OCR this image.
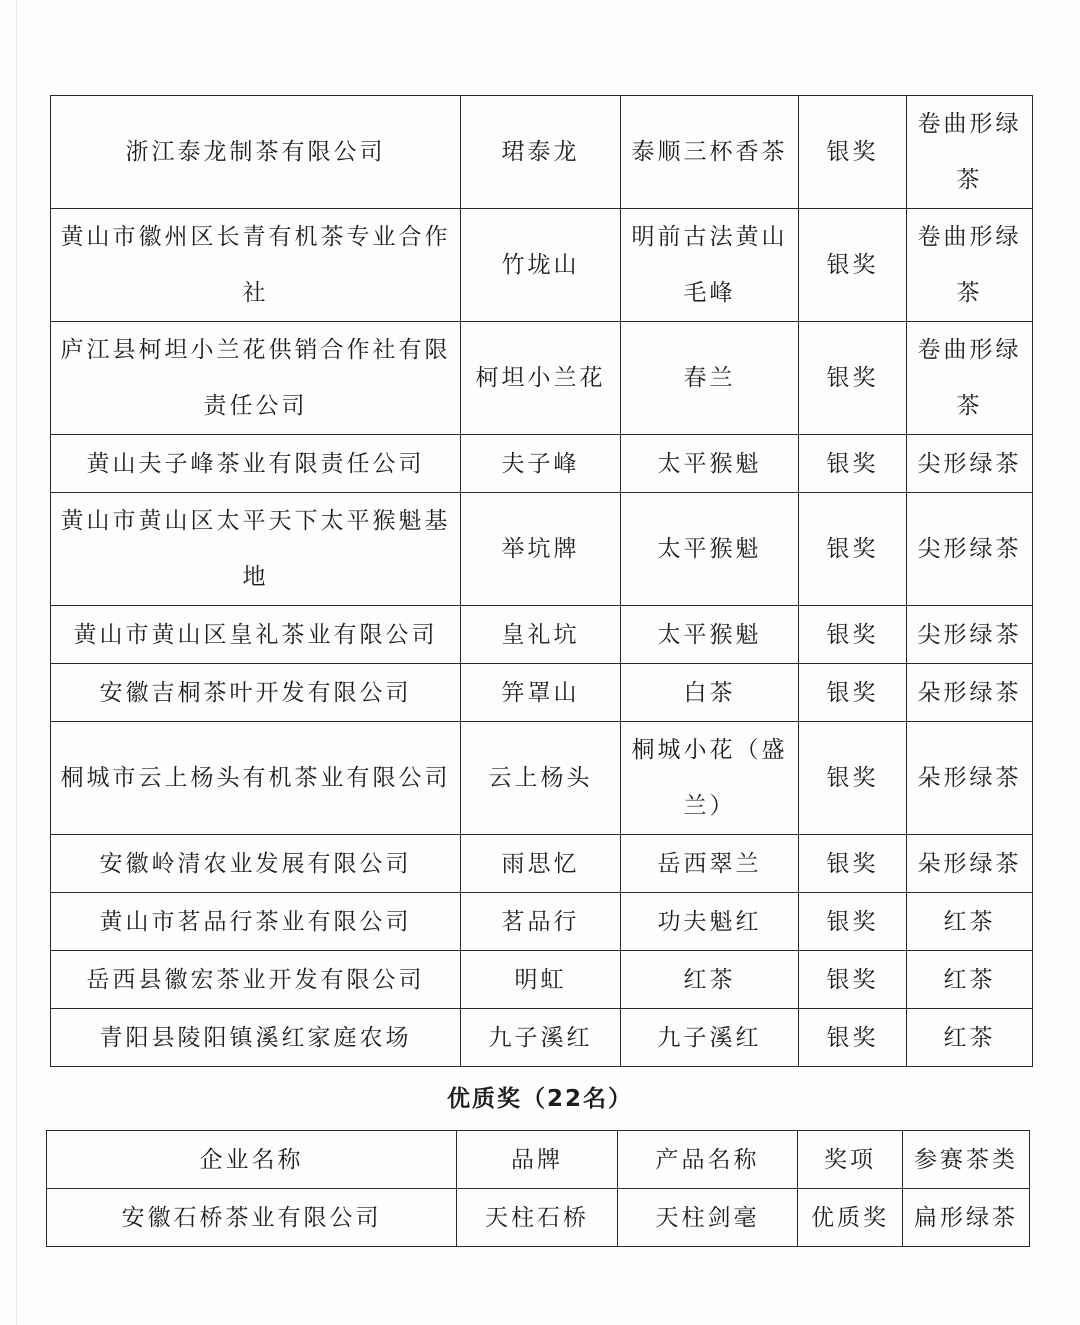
浙江泰龙制茶有限公司	珺泰龙	泰顺三杯香茶	银奖	卷曲形绿茶
黄山市徽州区长青有机茶专业合作社	竹垅山	明前古法黄山毛峰	银奖	卷曲形绿茶
庐江县柯坦小兰花供销合作社有限责任公司	柯坦小兰花	春兰	银奖	卷曲形绿茶
黄山夫子峰茶业有限责任公司	夫子峰	太平猴魁	银奖	尖形绿茶
黄山市黄山区太平天下太平猴魁基地	举坑牌	太平猴魁	银奖	尖形绿茶
黄山市黄山区皇礼茶业有限公司	皇礼坑	太平猴魁	银奖	尖形绿茶
安徽吉桐茶叶开发有限公司	笄罩山	白茶	银奖	朵形绿茶
桐城市云上杨头有机茶业有限公司	云上杨头	桐城小花（盛兰）	银奖	朵形绿茶
安徽岭清农业发展有限公司	雨思忆	岳西翠兰	银奖	朵形绿茶
黄山市茗品行茶业有限公司	茗品行	功夫魁红	银奖	红茶
岳西县徽宏茶业开发有限公司	明虹	红茶	银奖	红茶
青阳县陵阳镇溪红家庭农场	九子溪红	九子溪红	银奖	红茶
优质奖（22名）
企业名称	品牌	产品名称	奖项	参赛茶类
安徽石桥茶业有限公司	天柱石桥	天柱剑毫	优质奖	扁形绿茶
